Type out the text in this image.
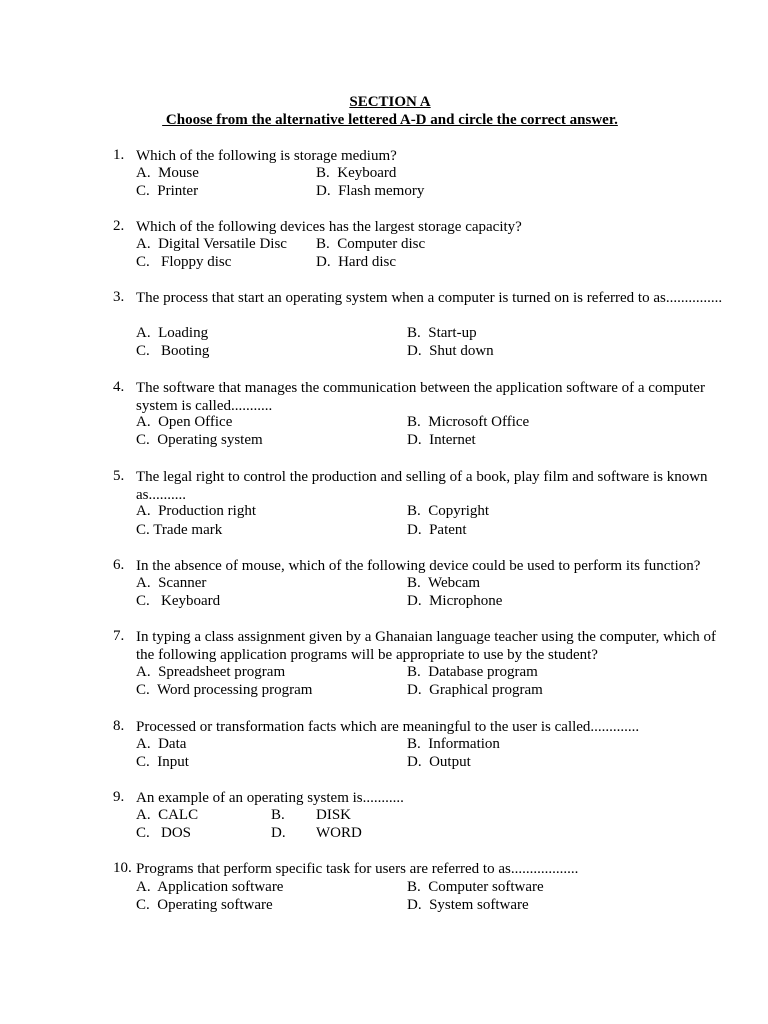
SECTION A
Choose from the alternative lettered A-D and circle the correct answer.
1. Which of the following is storage medium?
A.  Mouse	B.  Keyboard
C.  Printer	D.  Flash memory
2. Which of the following devices has the largest storage capacity?
A.  Digital Versatile Disc B.  Computer disc
C.   Floppy disc	D.  Hard disc
3. The process that start an operating system when a computer is turned on is referred to as...............
A.  Loading	B.  Start-up
C.   Booting	D.  Shut down
4. The software that manages the communication between the application software of a computer system is called...........
A.  Open Office	B.  Microsoft Office
C.  Operating system	D.  Internet
5. The legal right to control the production and selling of a book, play film and software is known as..........
A.  Production right	B.  Copyright
C. Trade mark	D.  Patent
6. In the absence of mouse, which of the following device could be used to perform its function?
A.  Scanner	B.  Webcam
C.   Keyboard	D.  Microphone
7. In typing a class assignment given by a Ghanaian language teacher using the computer, which of the following application programs will be appropriate to use by the student?
A.  Spreadsheet program	B.  Database program
C.  Word processing program	D.  Graphical program
8. Processed or transformation facts which are meaningful to the user is called.............
A.  Data	B.  Information
C.  Input	D.  Output
9. An example of an operating system is...........
A.  CALC	B. DISK
C.   DOS	D. WORD
10. Programs that perform specific task for users are referred to as..................
A.  Application software	B.  Computer software
C.  Operating software	D.  System software
